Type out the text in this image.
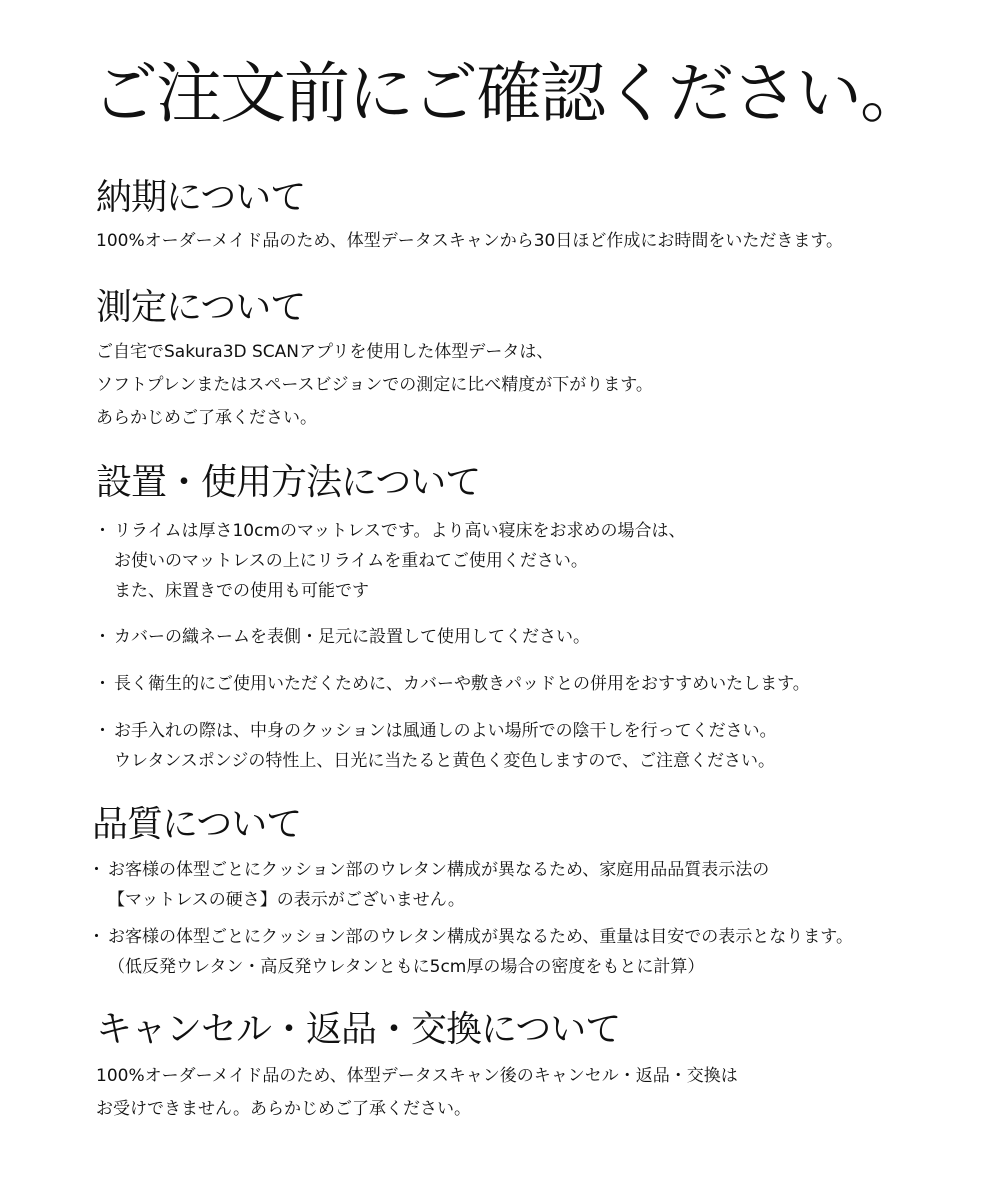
ご注文前にご確認ください。
納期について

100%オーダーメイド品のため、体型データスキャンから30日ほど作成にお時間をいただきます。

測定について

ご自宅でSakura3D SCANアプリを使用した体型データは、
ソフトプレンまたはスペースビジョンでの測定に比べ精度が下がります。
あらかじめご了承ください。

設置・使用方法について
・ リライムは厚さ10cmのマットレスです。より高い寝床をお求めの場合は、
お使いのマットレスの上にリライムを重ねてご使用ください。
また、床置きでの使用も可能です
・ カバーの織ネームを表側・足元に設置して使用してください。
・ 長く衛生的にご使用いただくために、カバーや敷きパッドとの併用をおすすめいたします。
・ お手入れの際は、中身のクッションは風通しのよい場所での陰干しを行ってください。
ウレタンスポンジの特性上、日光に当たると黄色く変色しますので、ご注意ください。
品質について
・ お客様の体型ごとにクッション部のウレタン構成が異なるため、家庭用品品質表示法の
【マットレスの硬さ】の表示がございません。
・ お客様の体型ごとにクッション部のウレタン構成が異なるため、重量は目安での表示となります。
（低反発ウレタン・高反発ウレタンともに5cm厚の場合の密度をもとに計算）
キャンセル・返品・交換について

100%オーダーメイド品のため、体型データスキャン後のキャンセル・返品・交換は
お受けできません。あらかじめご了承ください。
